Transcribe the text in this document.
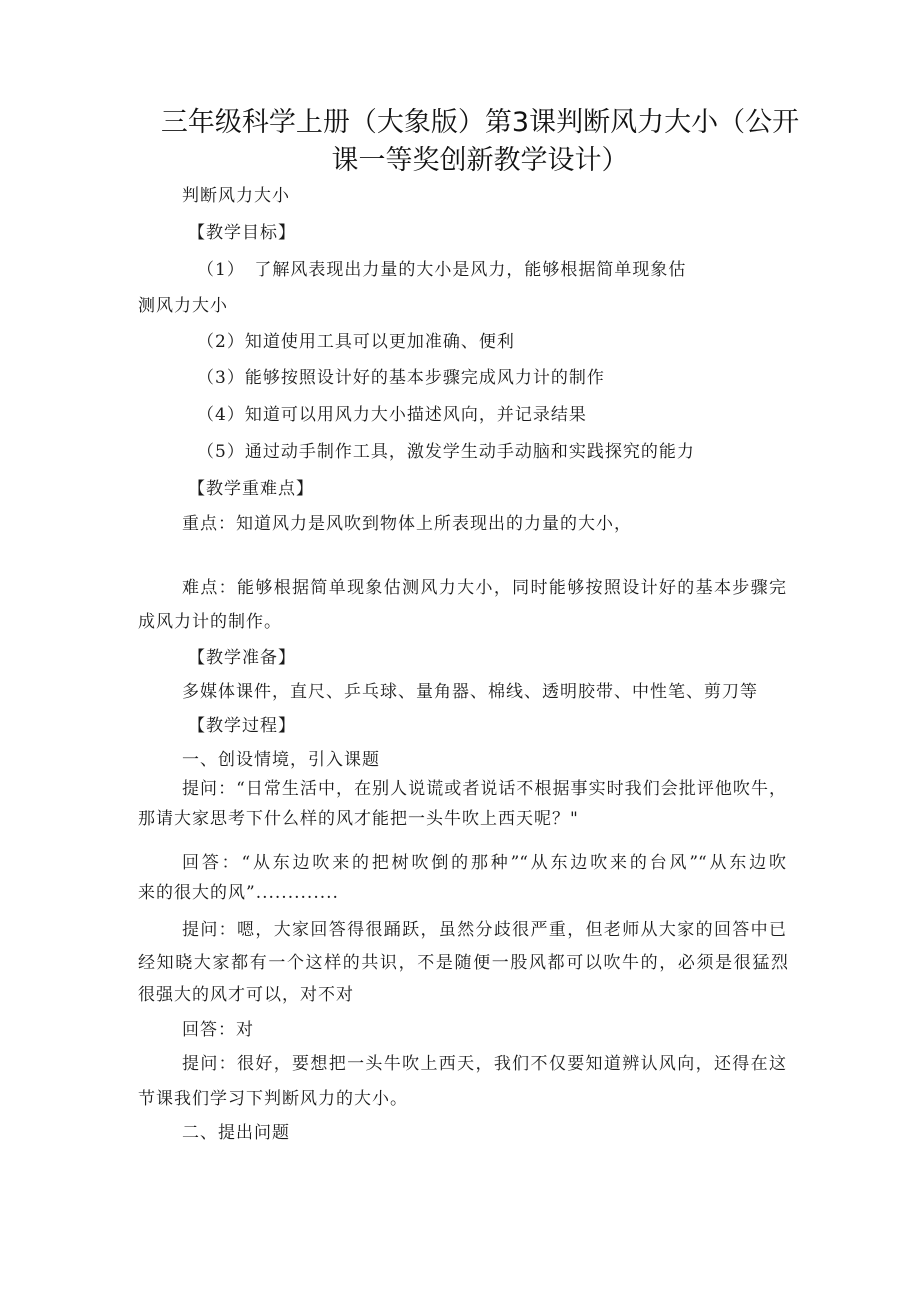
三年级科学上册（大象版）第3课判断风力大小（公开课一等奖创新教学设计）
判断风力大小
【教学目标】
（1）　了解风表现出力量的大小是风力，能够根据简单现象估
测风力大小
（2）知道使用工具可以更加准确、便利
（3）能够按照设计好的基本步骤完成风力计的制作
（4）知道可以用风力大小描述风向，并记录结果
（5）通过动手制作工具，激发学生动手动脑和实践探究的能力
【教学重难点】
重点：知道风力是风吹到物体上所表现出的力量的大小，
难点：能够根据简单现象估测风力大小，同时能够按照设计好的基本步骤完
成风力计的制作。
【教学准备】
多媒体课件，直尺、乒乓球、量角器、棉线、透明胶带、中性笔、剪刀等
【教学过程】
一、创设情境，引入课题
提问：“日常生活中，在别人说谎或者说话不根据事实时我们会批评他吹牛，
那请大家思考下什么样的风才能把一头牛吹上西天呢？"
回答：“从东边吹来的把树吹倒的那种”“从东边吹来的台风”“从东边吹
来的很大的风”.............
提问：嗯，大家回答得很踊跃，虽然分歧很严重，但老师从大家的回答中已
经知晓大家都有一个这样的共识，不是随便一股风都可以吹牛的，必须是很猛烈
很强大的风才可以，对不对
回答：对
提问：很好，要想把一头牛吹上西天，我们不仅要知道辨认风向，还得在这
节课我们学习下判断风力的大小。
二、提出问题
